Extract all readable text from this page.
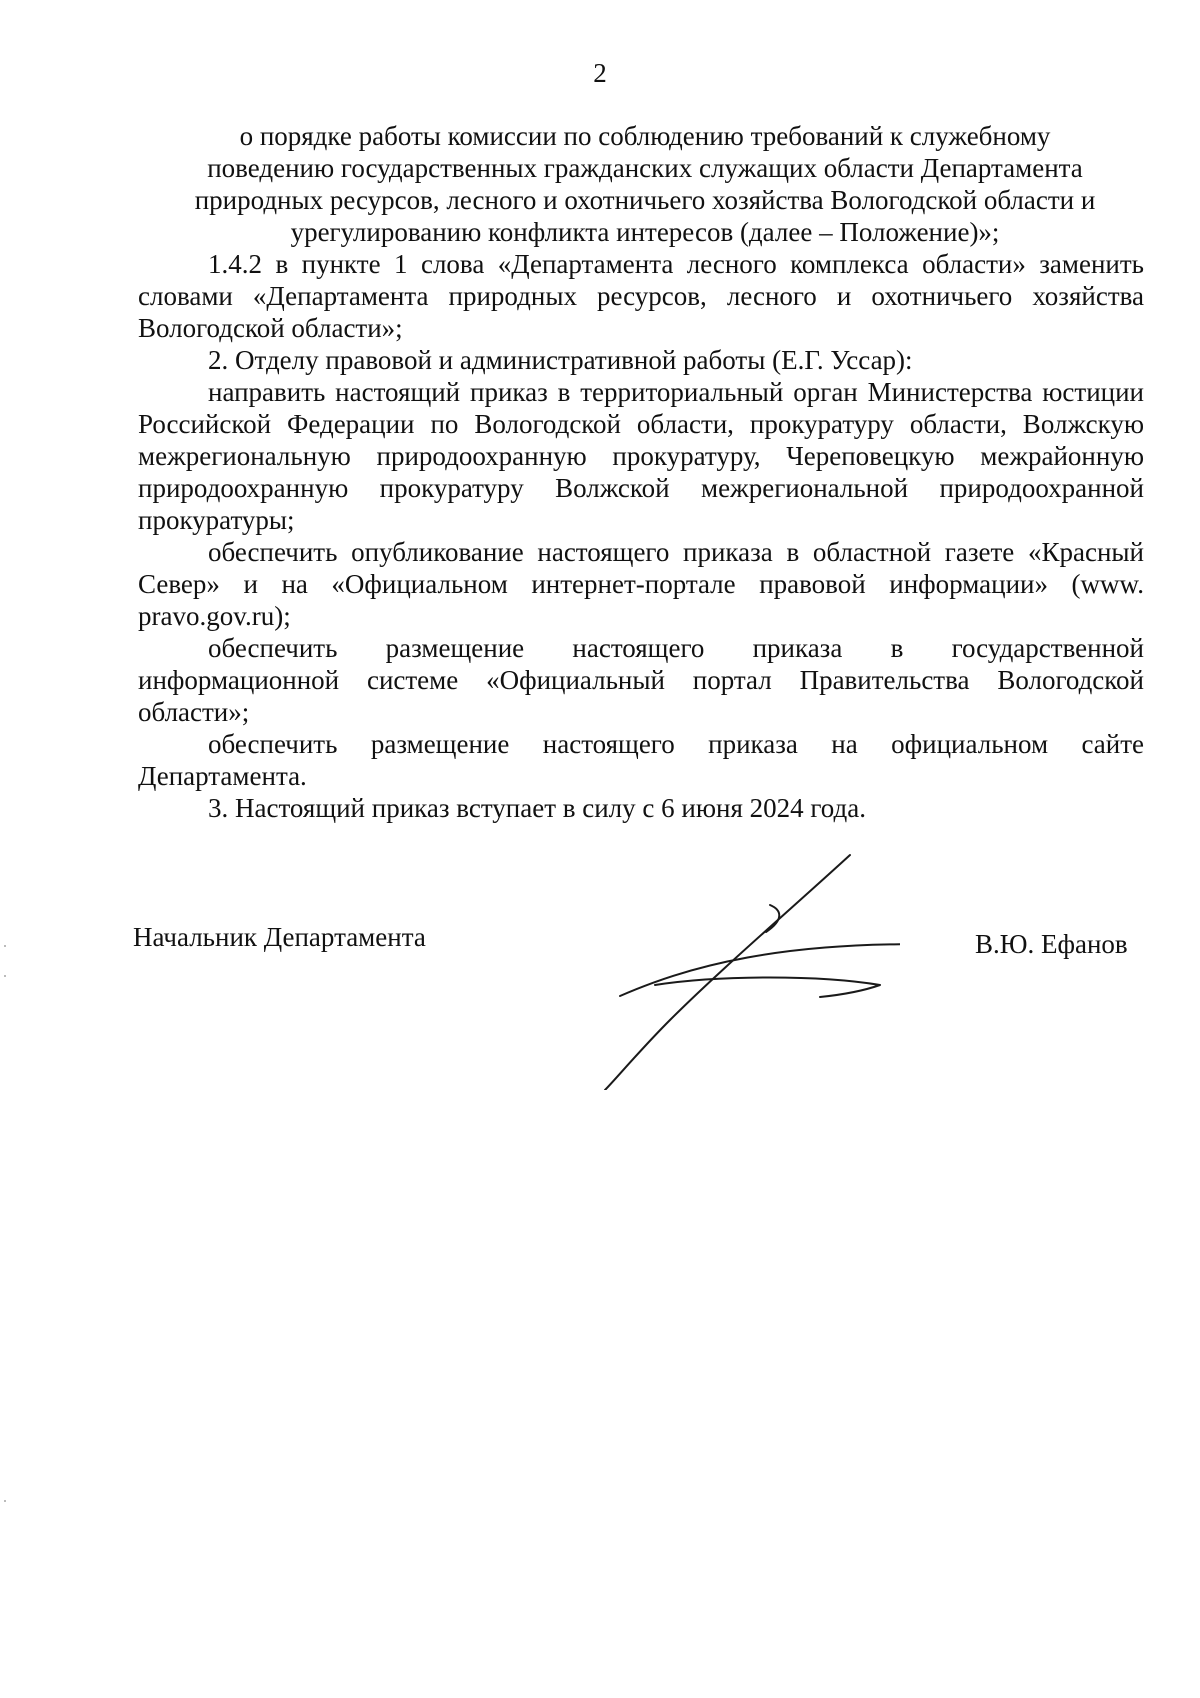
2

о порядке работы комиссии по соблюдению требований к служебному
поведению государственных гражданских служащих области Департамента
природных ресурсов, лесного и охотничьего хозяйства Вологодской области и
урегулированию конфликта интересов (далее – Положение)»;

1.4.2 в пункте 1 слова «Департамента лесного комплекса области» заменить словами «Департамента природных ресурсов, лесного и охотничьего хозяйства Вологодской области»;

2. Отделу правовой и административной работы (Е.Г. Уссар):

направить настоящий приказ в территориальный орган Министерства юстиции Российской Федерации по Вологодской области, прокуратуру области, Волжскую межрегиональную природоохранную прокуратуру, Череповецкую межрайонную природоохранную прокуратуру Волжской межрегиональной природоохранной прокуратуры;

обеспечить опубликование настоящего приказа в областной газете «Красный Север» и на «Официальном интернет-портале правовой информации» (www. pravo.gov.ru);

обеспечить размещение настоящего приказа в государственной информационной системе «Официальный портал Правительства Вологодской области»;

обеспечить размещение настоящего приказа на официальном сайте Департамента.

3. Настоящий приказ вступает в силу с 6 июня 2024 года.

Начальник Департамента	В.Ю. Ефанов
